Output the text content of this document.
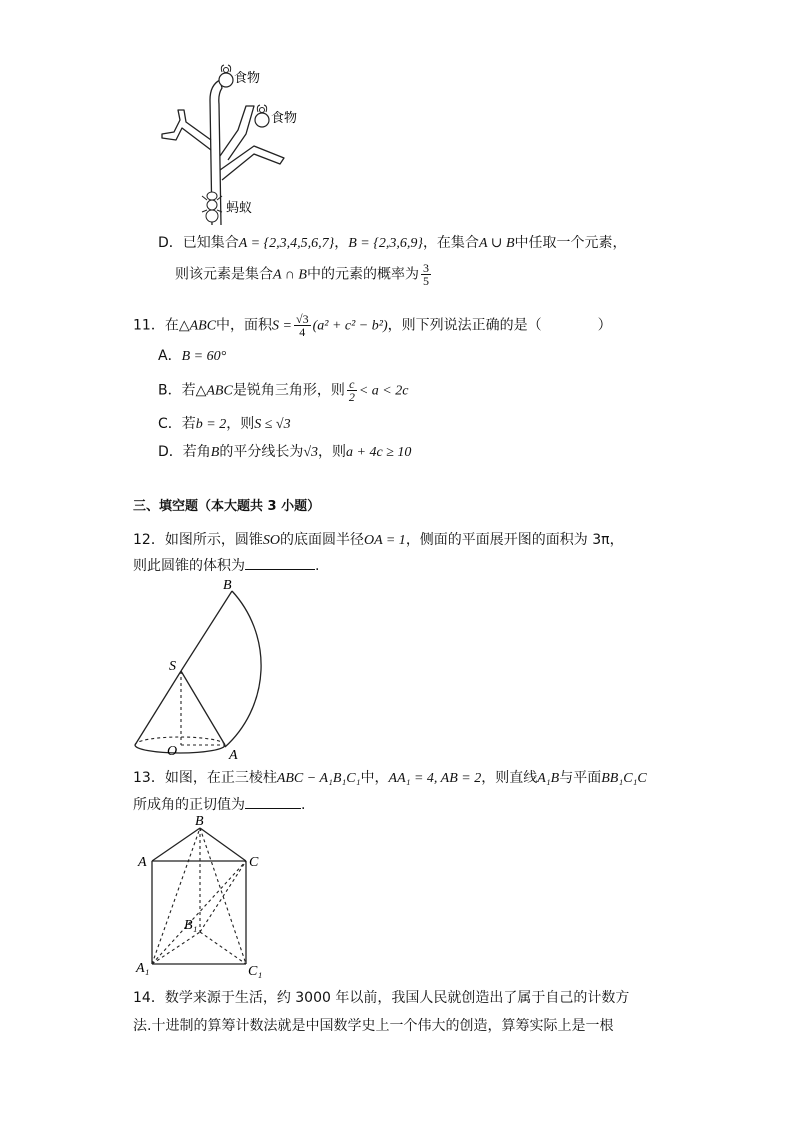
食物
食物
蚂蚁
D．已知集合A = {2,3,4,5,6,7}，B = {2,3,6,9}，在集合A ∪ B中任取一个元素，
则该元素是集合A ∩ B中的元素的概率为 $\frac{3}{5}$
11．在△ABC中，面积$S = \frac{√3}{4} (a^2 + c^2 - b^2)$，则下列说法正确的是（　　　　）
A．B = 60°
B．若△ABC是锐角三角形，则 $\frac{c}{2} < a < 2c$
C．若b = 2，则S ≤ √3
D．若角B的平分线长为√3，则a + 4c ≥ 10
三、填空题（本大题共 3 小题）
12．如图所示，圆锥SO的底面圆半径OA = 1，侧面的平面展开图的面积为 3π，
则此圆锥的体积为	.
B
S
O	A
13．如图，在正三棱柱ABC − A₁B₁C₁中，AA₁ = 4, AB = 2，则直线A₁B与平面BB₁C₁C
所成角的正切值为	.
B
A	C
B₁
A₁	C₁
14．数学来源于生活，约 3000 年以前，我国人民就创造出了属于自己的计数方
法.十进制的算筹计数法就是中国数学史上一个伟大的创造，算筹实际上是一根
